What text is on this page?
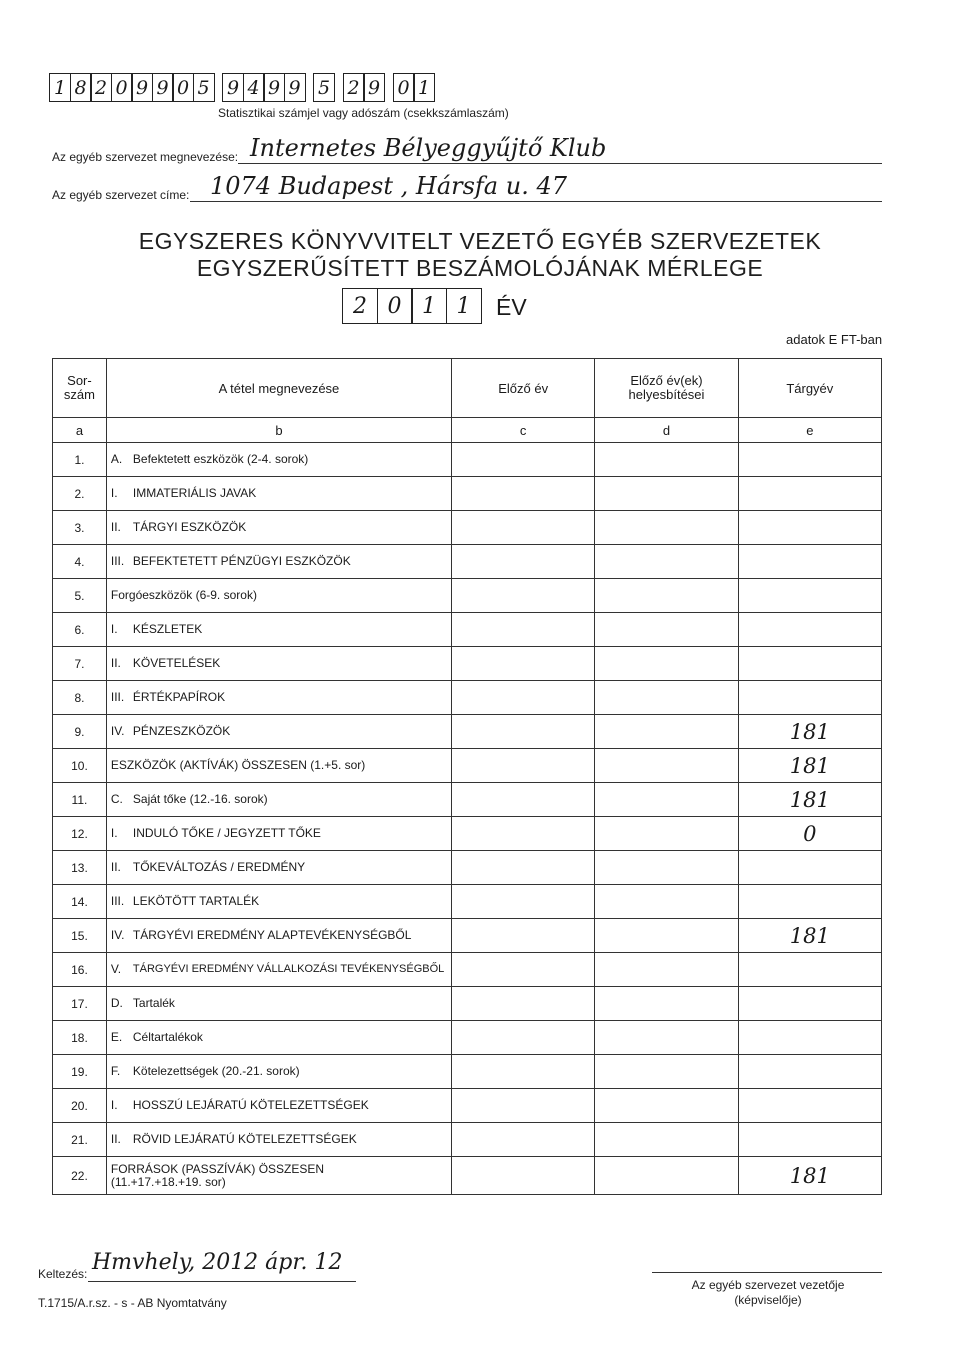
1 8 2 0 9 9 0 5 9 4 9 9 5 2 9 0 1
Statisztikai számjel vagy adószám (csekkszámlaszám)
Az egyéb szervezet megnevezése: Internetes Bélyeggyűjtő Klub
Az egyéb szervezet címe: 1074 Budapest , Hársfa u. 47
EGYSZERES KÖNYVVITELT VEZETŐ EGYÉB SZERVEZETEK
EGYSZERŰSÍTETT BESZÁMOLÓJÁNAK MÉRLEGE
2 0 1 1	ÉV
adatok E FT-ban
Sor-
szám	A tétel megnevezése	Előző év	Előző év(ek)
helyesbítései	Tárgyév
a	b	c	d	e
1.	A. Befektetett eszközök (2-4. sorok)			

2.	I. IMMATERIÁLIS JAVAK			

3.	II. TÁRGYI ESZKÖZÖK			

4.	III. BEFEKTETETT PÉNZÜGYI ESZKÖZÖK			

5.	Forgóeszközök (6-9. sorok)			

6.	I. KÉSZLETEK			

7.	II. KÖVETELÉSEK			

8.	III. ÉRTÉKPAPÍROK			

9.	IV. PÉNZESZKÖZÖK			181
10.	ESZKÖZÖK (AKTÍVÁK) ÖSSZESEN (1.+5. sor)			181
11.	C. Saját tőke (12.-16. sorok)			181
12.	I. INDULÓ TŐKE / JEGYZETT TŐKE			0
13.	II. TŐKEVÁLTOZÁS / EREDMÉNY			

14.	III. LEKÖTÖTT TARTALÉK			

15.	IV. TÁRGYÉVI EREDMÉNY ALAPTEVÉKENYSÉGBŐL			181
16.	V. TÁRGYÉVI EREDMÉNY VÁLLALKOZÁSI TEVÉKENYSÉGBŐL			

17.	D. Tartalék			

18.	E. Céltartalékok			

19.	F. Kötelezettségek (20.-21. sorok)			

20.	I. HOSSZÚ LEJÁRATÚ KÖTELEZETTSÉGEK			

21.	II. RÖVID LEJÁRATÚ KÖTELEZETTSÉGEK			

22.	FORRÁSOK (PASSZÍVÁK) ÖSSZESEN
(11.+17.+18.+19. sor)			181
Keltezés: Hmvhely, 2012 ápr. 12
T.1715/A.r.sz. - s - AB Nyomtatvány
Az egyéb szervezet vezetője
(képviselője)
